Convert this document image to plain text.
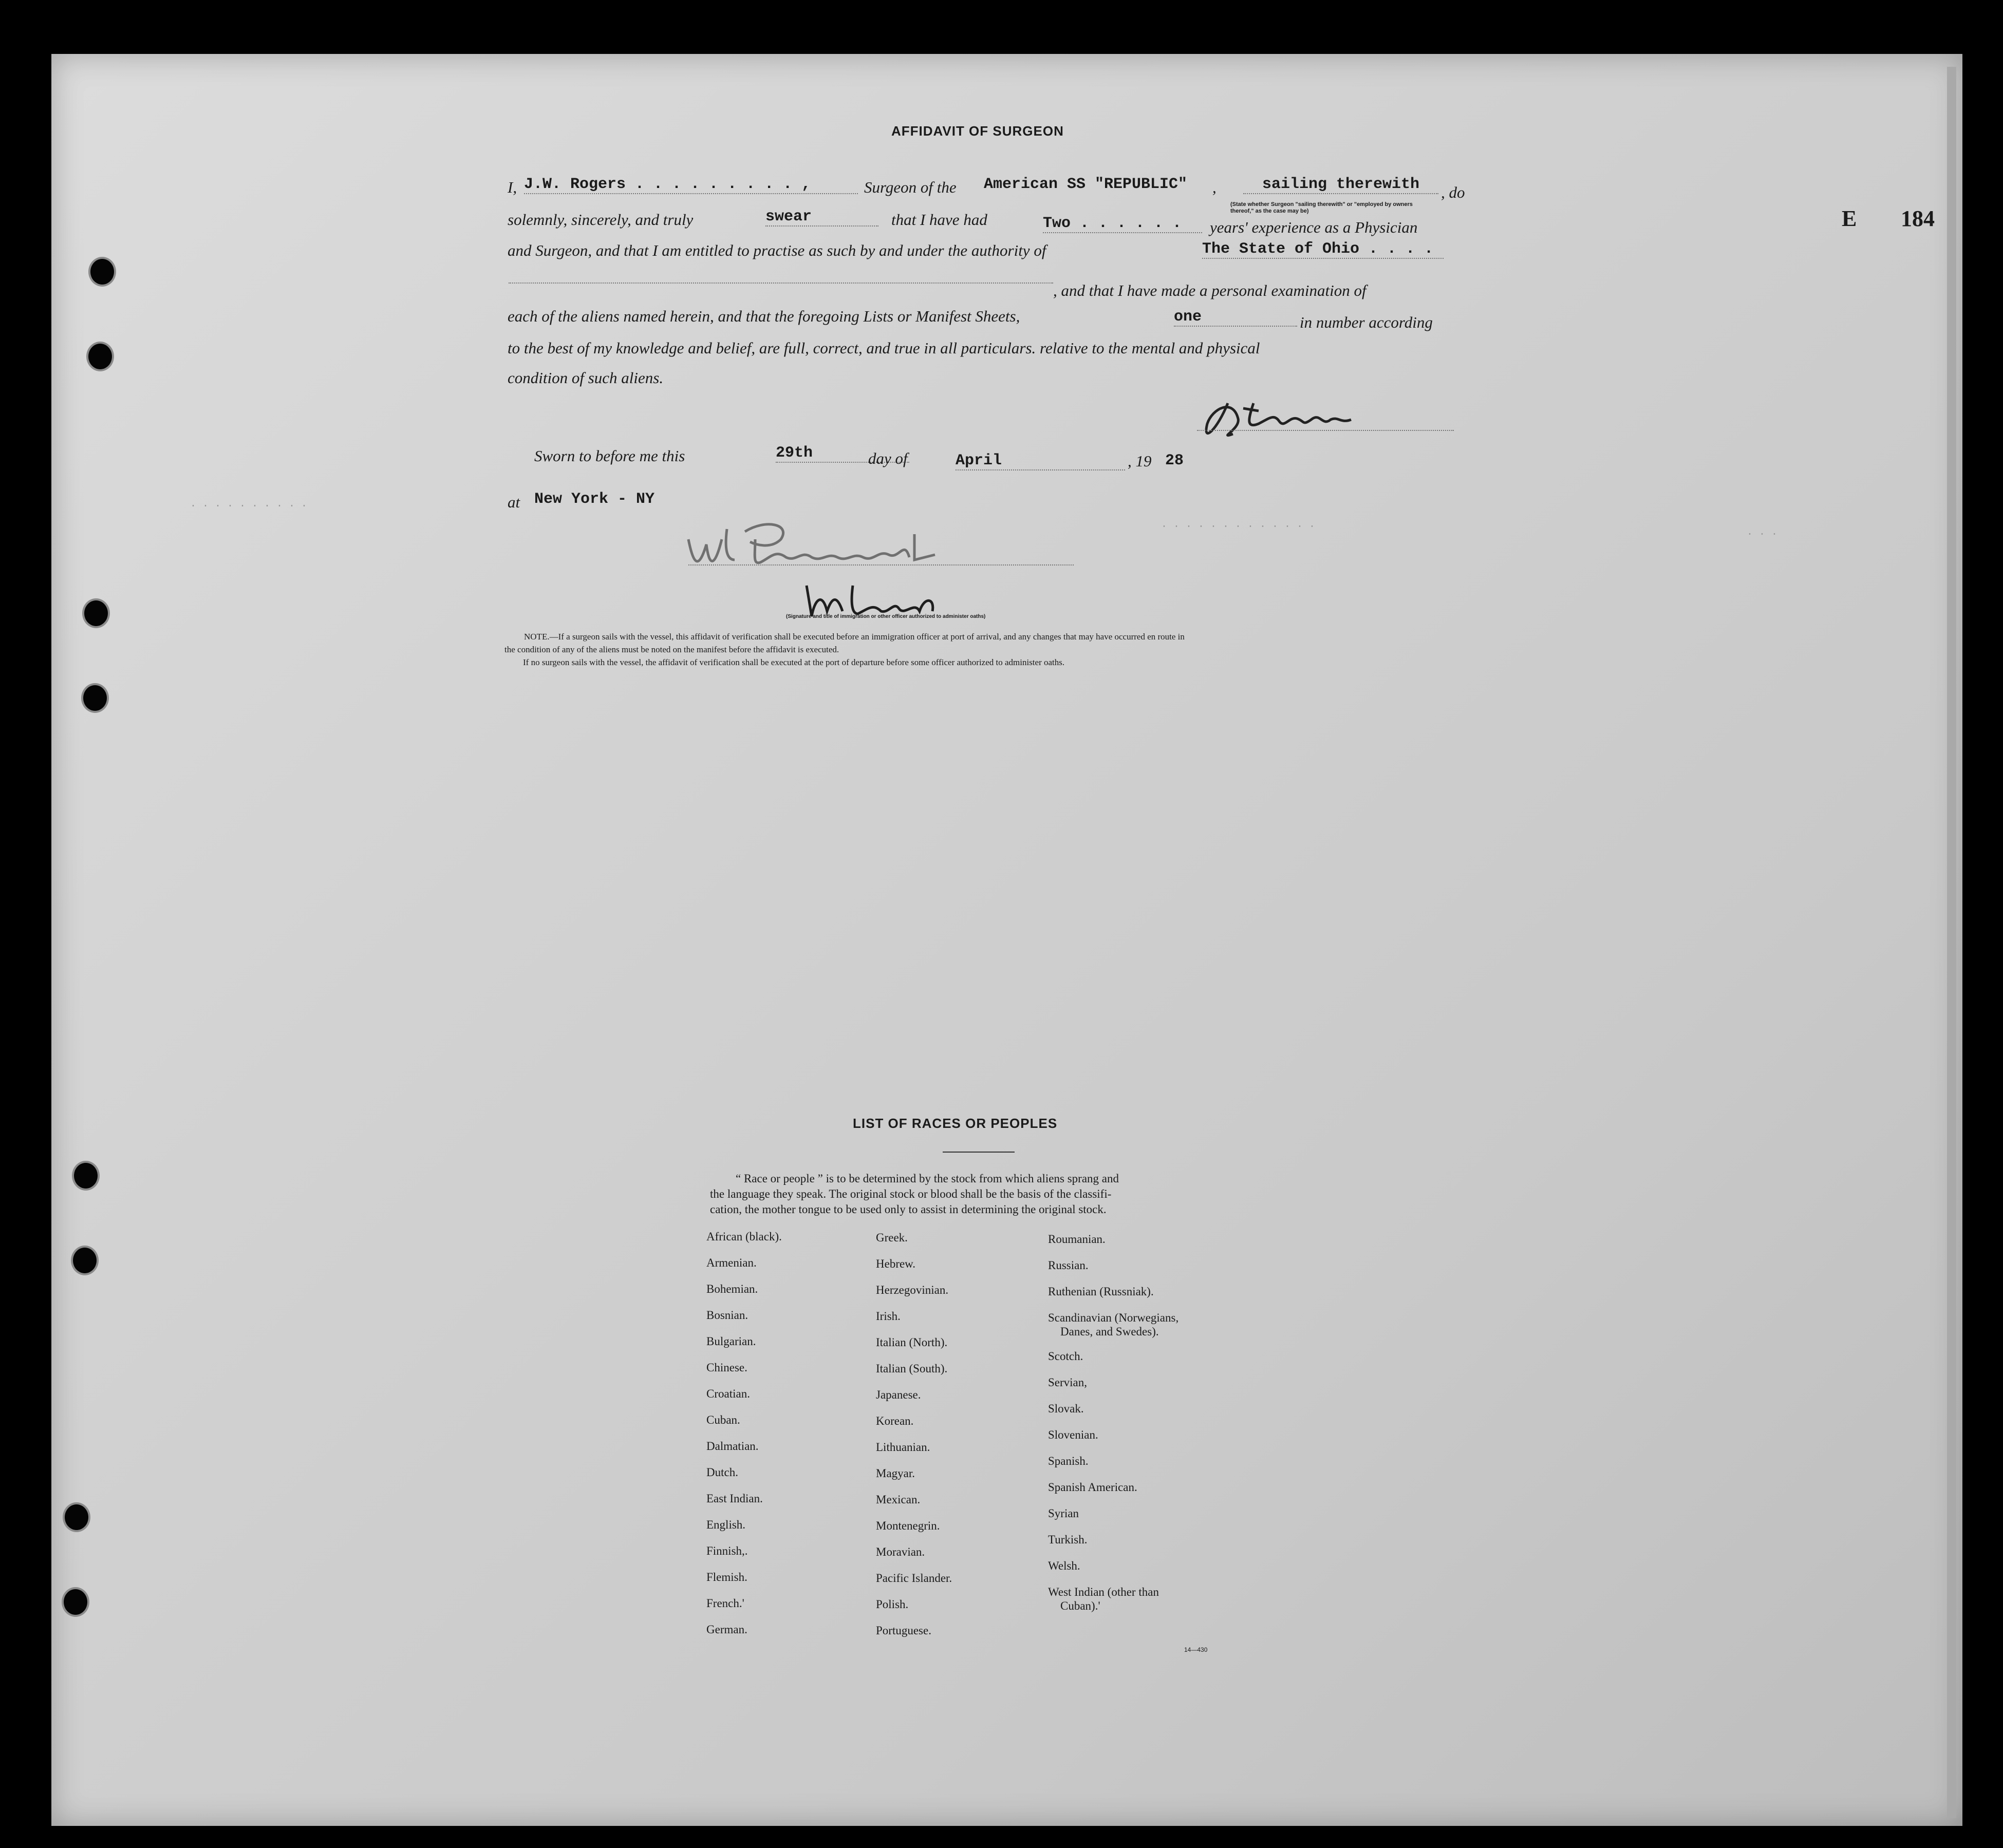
E 184
AFFIDAVIT OF SURGEON
I, J.W. Rogers . . . . . . . . . ,	Surgeon of the American SS "REPUBLIC" ,	sailing therewith	, do
(State whether Surgeon "sailing therewith" or "employed by owners thereof," as the case may be)
solemnly, sincerely, and truly	swear	that I have had	Two . . . . . .	years' experience as a Physician
and Surgeon, and that I am entitled to practise as such by and under the authority of	The State of Ohio . . . .
, and that I have made a personal examination of
each of the aliens named herein, and that the foregoing Lists or Manifest Sheets,	one	in number according
to the best of my knowledge and belief, are full, correct, and true in all particulars. relative to the mental and physical
condition of such aliens.
Sworn to before me this	29th	day of	April	, 19 28
at New York - NY
. . . . . . . . . .
. . . . . . . . . . . . .
. . .
(Signature and title of immigration or other officer authorized to administer oaths)
NOTE.—If a surgeon sails with the vessel, this affidavit of verification shall be executed before an immigration officer at port of arrival, and any changes that may have occurred en route in
the condition of any of the aliens must be noted on the manifest before the affidavit is executed.
If no surgeon sails with the vessel, the affidavit of verification shall be executed at the port of departure before some officer authorized to administer oaths.
LIST OF RACES OR PEOPLES
“ Race or people ” is to be determined by the stock from which aliens sprang and
the language they speak. The original stock or blood shall be the basis of the classifi-
cation, the mother tongue to be used only to assist in determining the original stock.
African (black).
Armenian.
Bohemian.
Bosnian.
Bulgarian.
Chinese.
Croatian.
Cuban.
Dalmatian.
Dutch.
East Indian.
English.
Finnish,.
Flemish.
French.'
German.
Greek.
Hebrew.
Herzegovinian.
Irish.
Italian (North).
Italian (South).
Japanese.
Korean.
Lithuanian.
Magyar.
Mexican.
Montenegrin.
Moravian.
Pacific Islander.
Polish.
Portuguese.
Roumanian.
Russian.
Ruthenian (Russniak).
Scandinavian (Norwegians,
Danes, and Swedes).
Scotch.
Servian,
Slovak.
Slovenian.
Spanish.
Spanish American.
Syrian
Turkish.
Welsh.
West Indian (other than
Cuban).'
14—430
